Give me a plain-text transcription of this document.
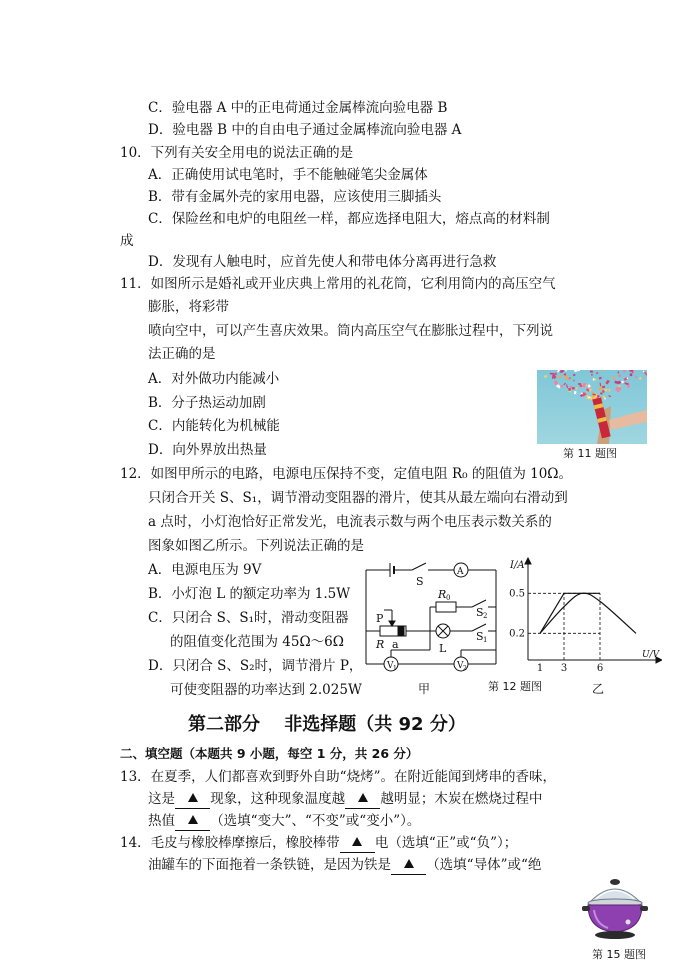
C．验电器 A 中的正电荷通过金属棒流向验电器 B
D．验电器 B 中的自由电子通过金属棒流向验电器 A
10．下列有关安全用电的说法正确的是
A．正确使用试电笔时，手不能触碰笔尖金属体
B．带有金属外壳的家用电器，应该使用三脚插头
C．保险丝和电炉的电阻丝一样，都应选择电阻大，熔点高的材料制
成
D．发现有人触电时，应首先使人和带电体分离再进行急救
11．如图所示是婚礼或开业庆典上常用的礼花筒，它利用筒内的高压空气
膨胀，将彩带
喷向空中，可以产生喜庆效果。筒内高压空气在膨胀过程中，下列说
法正确的是
A．对外做功内能减小
B．分子热运动加剧
C．内能转化为机械能
D．向外界放出热量	第 11 题图
12．如图甲所示的电路，电源电压保持不变，定值电阻 R₀ 的阻值为 10Ω。
只闭合开关 S、S₁，调节滑动变阻器的滑片，使其从最左端向右滑动到
a 点时，小灯泡恰好正常发光，电流表示数与两个电压表示数关系的
图象如图乙所示。下列说法正确的是
A．电源电压为 9V
B．小灯泡 L 的额定功率为 1.5W
C．只闭合 S、S₁时，滑动变阻器
的阻值变化范围为 45Ω～6Ω
D．只闭合 S、S₂时，调节滑片 P，
可使变阻器的功率达到 2.025W
S
A
R 0
S 2
S 1
P
R a	L
V 1	V 2
甲	第 12 题图
0.2
0.5
1 3	6
I/A
U/V
乙
第二部分　 非选择题（共 92 分）
二、填空题（本题共 9 小题，每空 1 分，共 26 分）
13．在夏季，人们都喜欢到野外自助“烧烤”。在附近能闻到烤串的香味，
这是	现象，这种现象温度越	越明显；木炭在燃烧过程中
热值	（选填“变大”、“不变”或“变小”）。
14．毛皮与橡胶棒摩擦后，橡胶棒带	电（选填“正”或“负”）；
油罐车的下面拖着一条铁链，是因为铁是	（选填“导体”或“绝
第 15 题图
